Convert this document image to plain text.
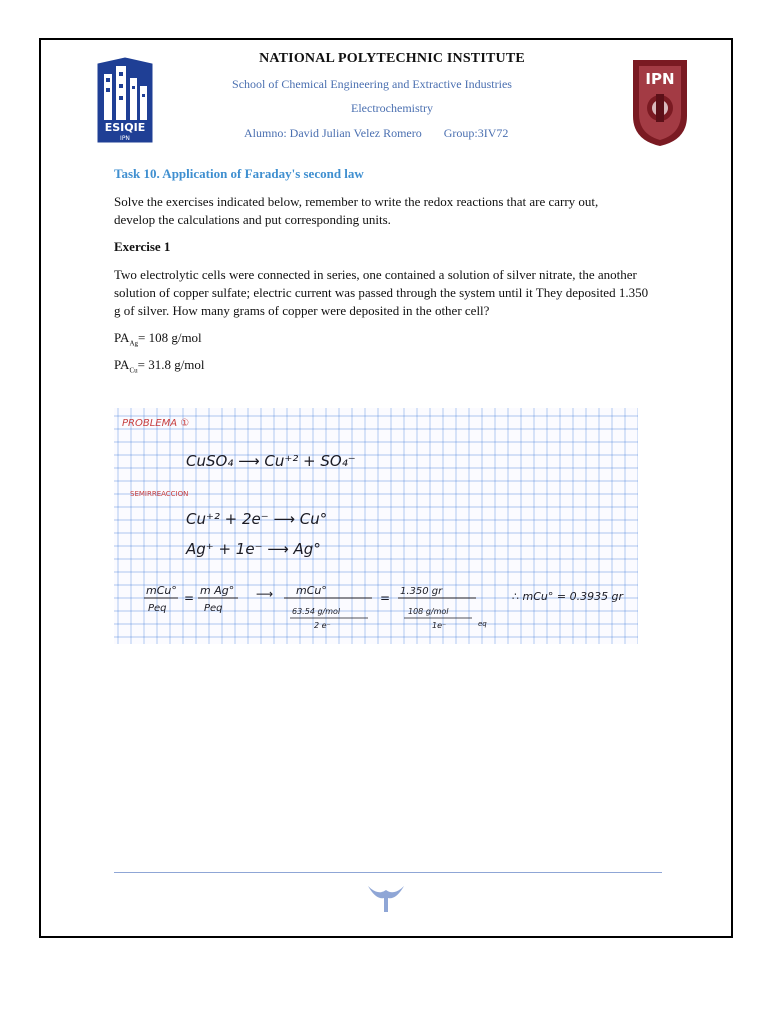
ESIQIE
IPN
IPN
NATIONAL POLYTECHNIC INSTITUTE
School of Chemical Engineering and Extractive Industries
Electrochemistry
Alumno: David Julian Velez Romero Group:3IV72
Task 10. Application of Faraday's second law
Solve the exercises indicated below, remember to write the redox reactions that are carry out, develop the calculations and put corresponding units.
Exercise 1
Two electrolytic cells were connected in series, one contained a solution of silver nitrate, the another solution of copper sulfate; electric current was passed through the system until it They deposited 1.350 g of silver. How many grams of copper were deposited in the other cell?
$PA_{Ag}= 108$ g/mol
$PA_{Cu}= 31.8$ g/mol
PROBLEMA ①
CuSO₄ ⟶ Cu⁺² + SO₄⁻
SEMIRREACCION
Cu⁺² + 2e⁻ ⟶ Cu°
Ag⁺ + 1e⁻ ⟶ Ag°
mCu°
Peq
=
m Ag°
Peq
⟶ mCu°
63.54 g/mol
2 e⁻
= 1.350 gr
108 g/mol
1e⁻	eq
∴ mCu° = 0.3935 gr
